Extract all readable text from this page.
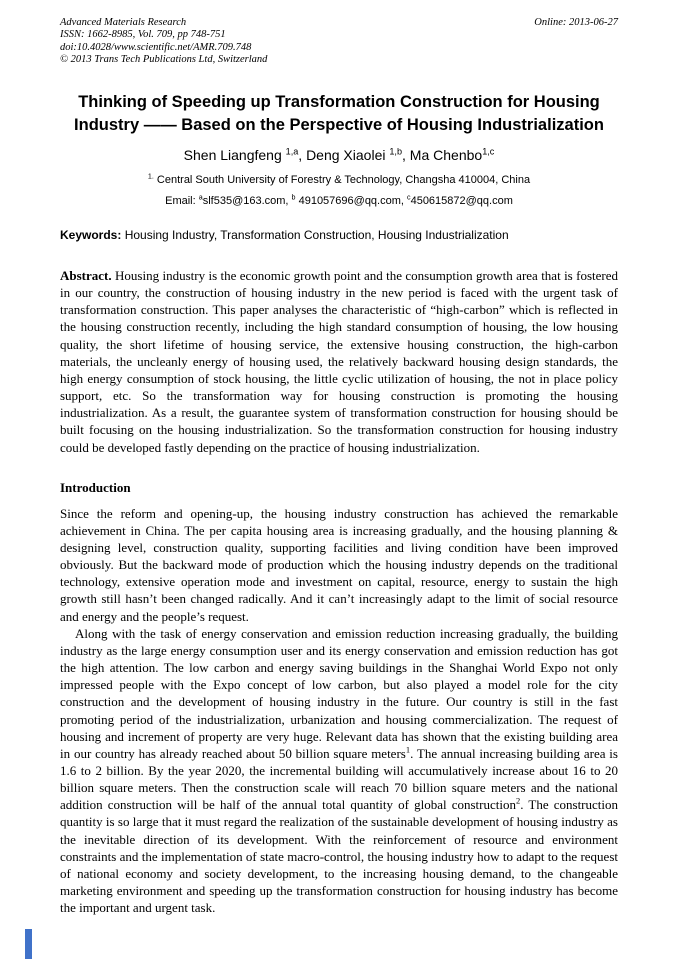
Advanced Materials Research
ISSN: 1662-8985, Vol. 709, pp 748-751
doi:10.4028/www.scientific.net/AMR.709.748
© 2013 Trans Tech Publications Ltd, Switzerland
Online: 2013-06-27
Thinking of Speeding up Transformation Construction for Housing
Industry —— Based on the Perspective of Housing Industrialization
Shen Liangfeng $^{1,a}$, Deng Xiaolei $^{1,b}$, Ma Chenbo$^{1,c}$
$^{1.}$ Central South University of Forestry & Technology, Changsha 410004, China
Email: $^a$slf535@163.com, $^b$ 491057696@qq.com, $^c$450615872@qq.com
Keywords: Housing Industry, Transformation Construction, Housing Industrialization

Abstract. Housing industry is the economic growth point and the consumption growth area that is fostered in our country, the construction of housing industry in the new period is faced with the urgent task of transformation construction. This paper analyses the characteristic of “high-carbon” which is reflected in the housing construction recently, including the high standard consumption of housing, the low housing quality, the short lifetime of housing service, the extensive housing construction, the high-carbon materials, the uncleanly energy of housing used, the relatively backward housing design standards, the high energy consumption of stock housing, the little cyclic utilization of housing, the not in place policy support, etc. So the transformation way for housing construction is promoting the housing industrialization. As a result, the guarantee system of transformation construction for housing should be built focusing on the housing industrialization. So the transformation construction for housing industry could be developed fastly depending on the practice of housing industrialization.

Introduction

Since the reform and opening-up, the housing industry construction has achieved the remarkable achievement in China. The per capita housing area is increasing gradually, and the housing planning & designing level, construction quality, supporting facilities and living condition have been improved obviously. But the backward mode of production which the housing industry depends on the traditional technology, extensive operation mode and investment on capital, resource, energy to sustain the high growth still hasn’t been changed radically. And it can’t increasingly adapt to the limit of social resource and energy and the people’s request.

Along with the task of energy conservation and emission reduction increasing gradually, the building industry as the large energy consumption user and its energy conservation and emission reduction has got the high attention. The low carbon and energy saving buildings in the Shanghai World Expo not only impressed people with the Expo concept of low carbon, but also played a model role for the city construction and the development of housing industry in the future. Our country is still in the fast promoting period of the industrialization, urbanization and housing commercialization. The request of housing and increment of property are very huge. Relevant data has shown that the existing building area in our country has already reached about 50 billion square meters$^1$. The annual increasing building area is 1.6 to 2 billion. By the year 2020, the incremental building will accumulatively increase about 16 to 20 billion square meters. Then the construction scale will reach 70 billion square meters and the national addition construction will be half of the annual total quantity of global construction$^2$. The construction quantity is so large that it must regard the realization of the sustainable development of housing industry as the inevitable direction of its development. With the reinforcement of resource and environment constraints and the implementation of state macro-control, the housing industry how to adapt to the request of national economy and society development, to the increasing housing demand, to the changeable marketing environment and speeding up the transformation construction for housing industry has become the important and urgent task.
